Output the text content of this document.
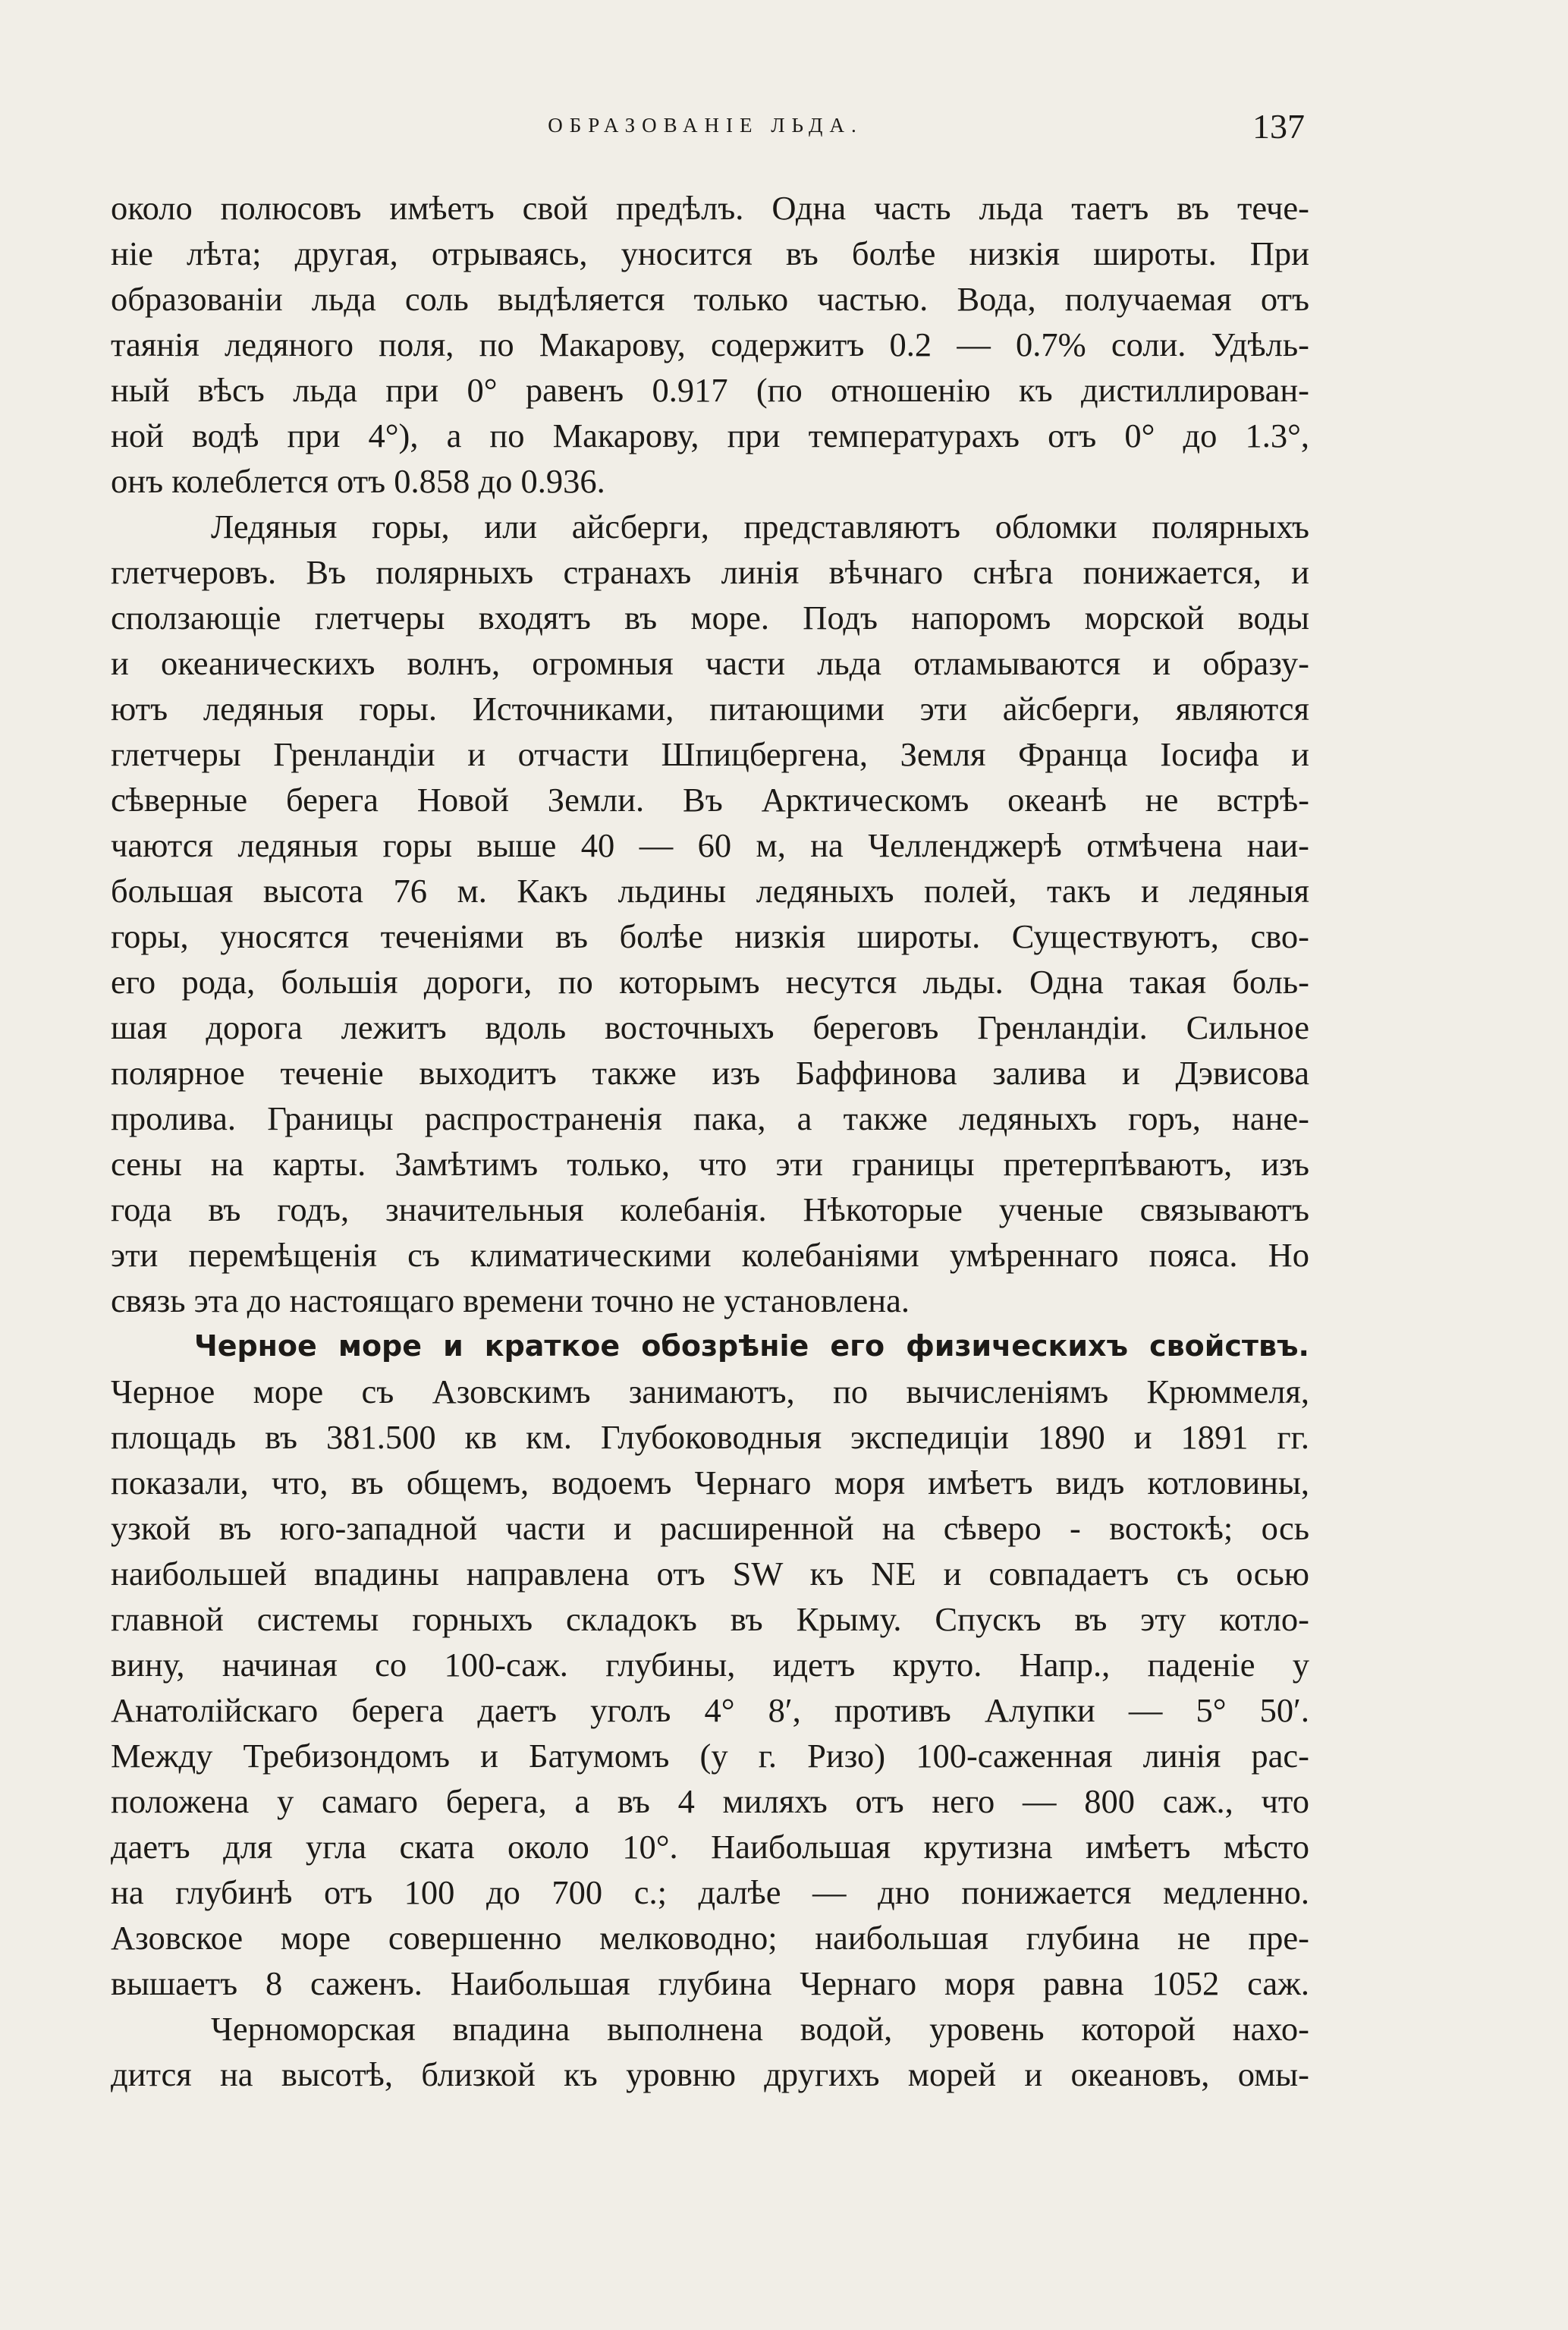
ОБРАЗОВАНІЕ ЛЬДА.	137
около полюсовъ имѣетъ свой предѣлъ. Одна часть льда таетъ въ тече-
ніе лѣта; другая, отрываясь, уносится въ болѣе низкія широты. При
образованіи льда соль выдѣляется только частью. Вода, получаемая отъ
таянія ледяного поля, по Макарову, содержитъ 0.2 — 0.7% соли. Удѣль-
ный вѣсъ льда при 0° равенъ 0.917 (по отношенію къ дистиллирован-
ной водѣ при 4°), а по Макарову, при температурахъ отъ 0° до 1.3°,
онъ колеблется отъ 0.858 до 0.936.
Ледяныя горы, или айсберги, представляютъ обломки полярныхъ
глетчеровъ. Въ полярныхъ странахъ линія вѣчнаго снѣга понижается, и
сползающіе глетчеры входятъ въ море. Подъ напоромъ морской воды
и океаническихъ волнъ, огромныя части льда отламываются и образу-
ютъ ледяныя горы. Источниками, питающими эти айсберги, являются
глетчеры Гренландіи и отчасти Шпицбергена, Земля Франца Іосифа и
сѣверные берега Новой Земли. Въ Арктическомъ океанѣ не встрѣ-
чаются ледяныя горы выше 40 — 60 м, на Челленджерѣ отмѣчена наи-
большая высота 76 м. Какъ льдины ледяныхъ полей, такъ и ледяныя
горы, уносятся теченіями въ болѣе низкія широты. Существуютъ, сво-
его рода, большія дороги, по которымъ несутся льды. Одна такая боль-
шая дорога лежитъ вдоль восточныхъ береговъ Гренландіи. Сильное
полярное теченіе выходитъ также изъ Баффинова залива и Дэвисова
пролива. Границы распространенія пака, а также ледяныхъ горъ, нане-
сены на карты. Замѣтимъ только, что эти границы претерпѣваютъ, изъ
года въ годъ, значительныя колебанія. Нѣкоторые ученые связываютъ
эти перемѣщенія съ климатическими колебаніями умѣреннаго пояса. Но
связь эта до настоящаго времени точно не установлена.
Черное море и краткое обозрѣніе его физическихъ свойствъ.
Черное море съ Азовскимъ занимаютъ, по вычисленіямъ Крюммеля,
площадь въ 381.500 кв км. Глубоководныя экспедиціи 1890 и 1891 гг.
показали, что, въ общемъ, водоемъ Чернаго моря имѣетъ видъ котловины,
узкой въ юго-западной части и расширенной на сѣверо - востокѣ; ось
наибольшей впадины направлена отъ SW къ NE и совпадаетъ съ осью
главной системы горныхъ складокъ въ Крыму. Спускъ въ эту котло-
вину, начиная со 100-саж. глубины, идетъ круто. Напр., паденіе у
Анатолійскаго берега даетъ уголъ 4° 8′, противъ Алупки — 5° 50′.
Между Требизондомъ и Батумомъ (у г. Ризо) 100-саженная линія рас-
положена у самаго берега, а въ 4 миляхъ отъ него — 800 саж., что
даетъ для угла ската около 10°. Наибольшая крутизна имѣетъ мѣсто
на глубинѣ отъ 100 до 700 с.; далѣе — дно понижается медленно.
Азовское море совершенно мелководно; наибольшая глубина не пре-
вышаетъ 8 саженъ. Наибольшая глубина Чернаго моря равна 1052 саж.
Черноморская впадина выполнена водой, уровень которой нахо-
дится на высотѣ, близкой къ уровню другихъ морей и океановъ, омы-
